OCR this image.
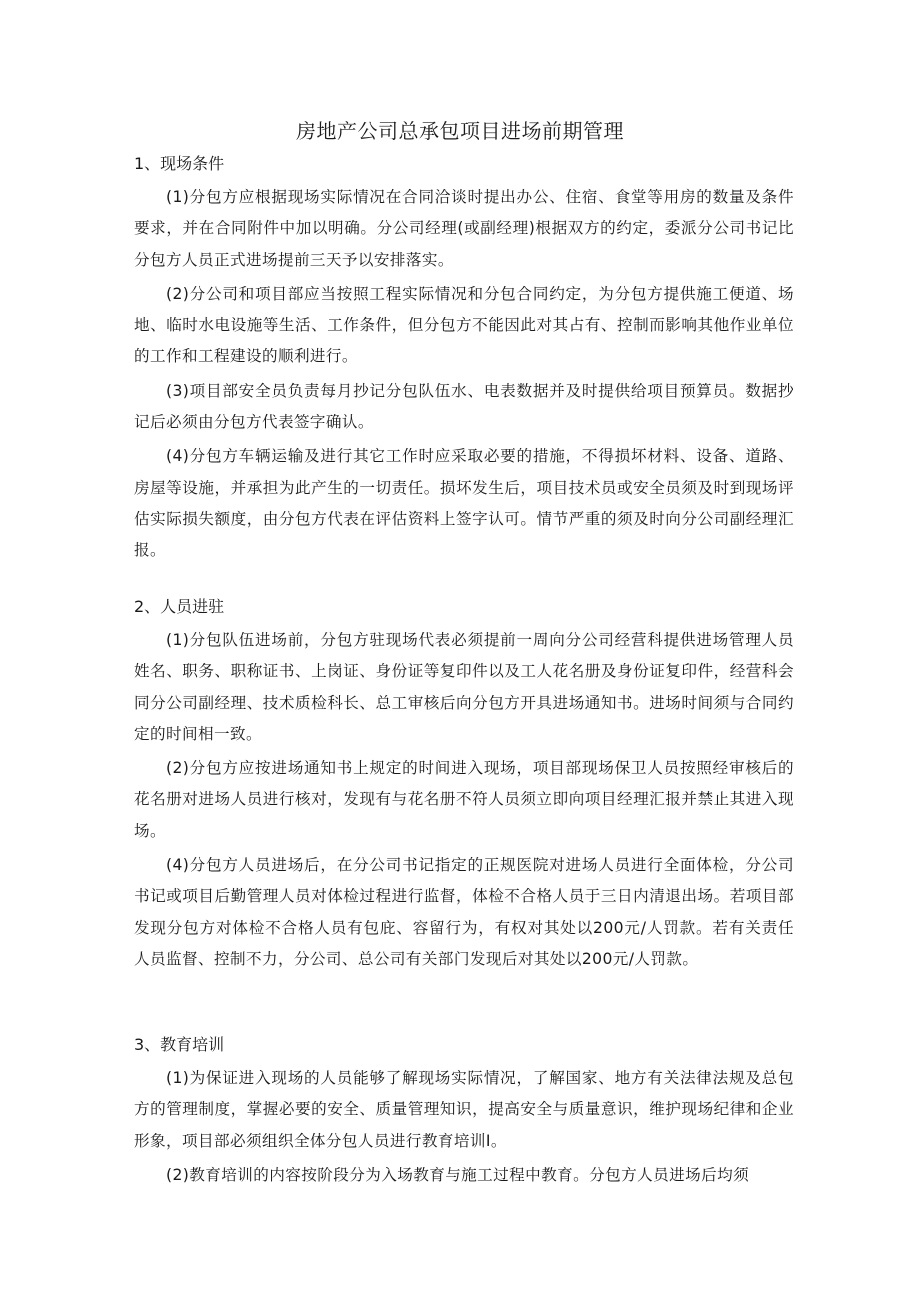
房地产公司总承包项目进场前期管理

1、现场条件

(1)分包方应根据现场实际情况在合同洽谈时提出办公、住宿、食堂等用房的数量及条件要求，并在合同附件中加以明确。分公司经理(或副经理)根据双方的约定，委派分公司书记比分包方人员正式进场提前三天予以安排落实。

(2)分公司和项目部应当按照工程实际情况和分包合同约定，为分包方提供施工便道、场地、临时水电设施等生活、工作条件，但分包方不能因此对其占有、控制而影响其他作业单位的工作和工程建设的顺利进行。

(3)项目部安全员负责每月抄记分包队伍水、电表数据并及时提供给项目预算员。数据抄记后必须由分包方代表签字确认。

(4)分包方车辆运输及进行其它工作时应采取必要的措施，不得损坏材料、设备、道路、房屋等设施，并承担为此产生的一切责任。损坏发生后，项目技术员或安全员须及时到现场评估实际损失额度，由分包方代表在评估资料上签字认可。情节严重的须及时向分公司副经理汇报。

2、人员进驻

(1)分包队伍进场前，分包方驻现场代表必须提前一周向分公司经营科提供进场管理人员姓名、职务、职称证书、上岗证、身份证等复印件以及工人花名册及身份证复印件，经营科会同分公司副经理、技术质检科长、总工审核后向分包方开具进场通知书。进场时间须与合同约定的时间相一致。

(2)分包方应按进场通知书上规定的时间进入现场，项目部现场保卫人员按照经审核后的花名册对进场人员进行核对，发现有与花名册不符人员须立即向项目经理汇报并禁止其进入现场。

(4)分包方人员进场后，在分公司书记指定的正规医院对进场人员进行全面体检，分公司书记或项目后勤管理人员对体检过程进行监督，体检不合格人员于三日内清退出场。若项目部发现分包方对体检不合格人员有包庇、容留行为，有权对其处以200元/人罚款。若有关责任人员监督、控制不力，分公司、总公司有关部门发现后对其处以200元/人罚款。

3、教育培训

(1)为保证进入现场的人员能够了解现场实际情况，了解国家、地方有关法律法规及总包方的管理制度，掌握必要的安全、质量管理知识，提高安全与质量意识，维护现场纪律和企业形象，项目部必须组织全体分包人员进行教育培训I。

(2)教育培训的内容按阶段分为入场教育与施工过程中教育。分包方人员进场后均须
